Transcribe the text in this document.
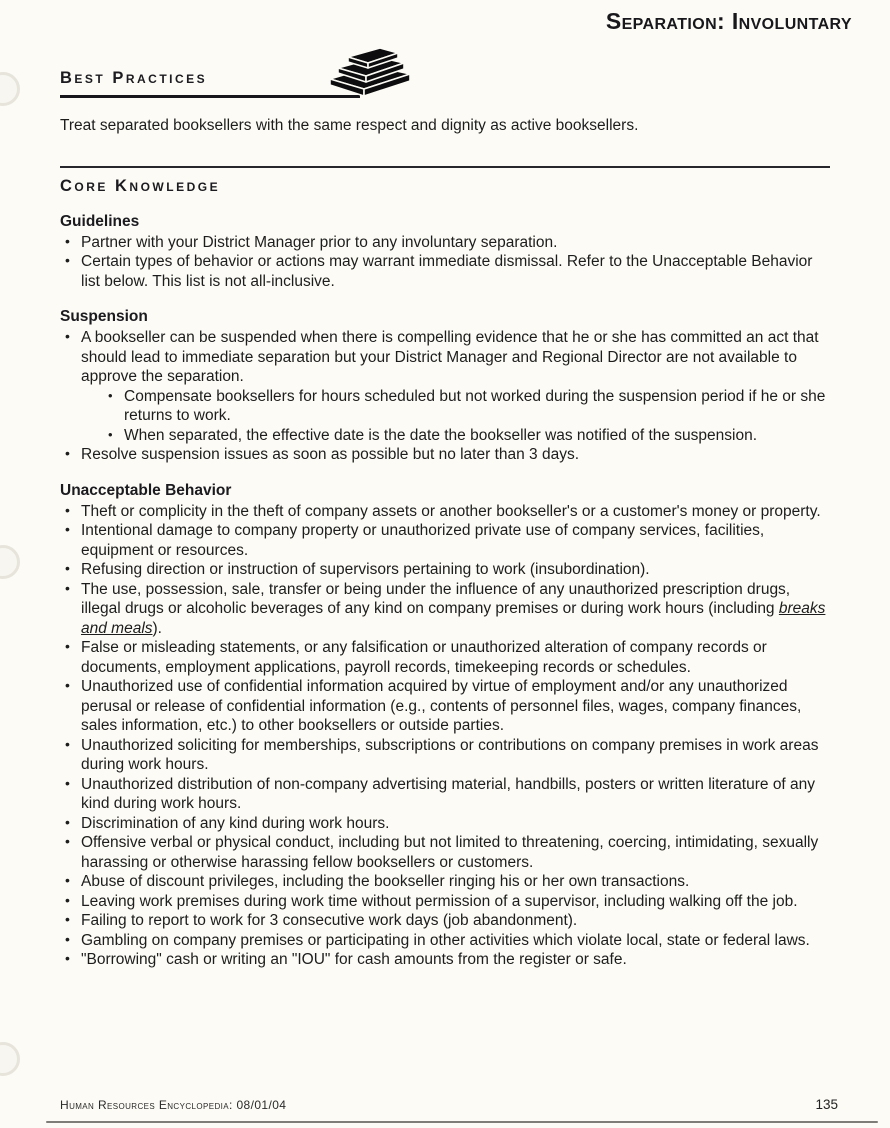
Separation: Involuntary
Best Practices

Treat separated booksellers with the same respect and dignity as active booksellers.

Core Knowledge
Guidelines
• Partner with your District Manager prior to any involuntary separation.
• Certain types of behavior or actions may warrant immediate dismissal. Refer to the Unacceptable Behavior list below. This list is not all-inclusive.
Suspension
• A bookseller can be suspended when there is compelling evidence that he or she has committed an act that should lead to immediate separation but your District Manager and Regional Director are not available to approve the separation.
• Compensate booksellers for hours scheduled but not worked during the suspension period if he or she returns to work.
• When separated, the effective date is the date the bookseller was notified of the suspension.
• Resolve suspension issues as soon as possible but no later than 3 days.
Unacceptable Behavior
• Theft or complicity in the theft of company assets or another bookseller's or a customer's money or property.
• Intentional damage to company property or unauthorized private use of company services, facilities, equipment or resources.
• Refusing direction or instruction of supervisors pertaining to work (insubordination).
• The use, possession, sale, transfer or being under the influence of any unauthorized prescription drugs, illegal drugs or alcoholic beverages of any kind on company premises or during work hours (including breaks and meals).
• False or misleading statements, or any falsification or unauthorized alteration of company records or documents, employment applications, payroll records, timekeeping records or schedules.
• Unauthorized use of confidential information acquired by virtue of employment and/or any unauthorized perusal or release of confidential information (e.g., contents of personnel files, wages, company finances, sales information, etc.) to other booksellers or outside parties.
• Unauthorized soliciting for memberships, subscriptions or contributions on company premises in work areas during work hours.
• Unauthorized distribution of non-company advertising material, handbills, posters or written literature of any kind during work hours.
• Discrimination of any kind during work hours.
• Offensive verbal or physical conduct, including but not limited to threatening, coercing, intimidating, sexually harassing or otherwise harassing fellow booksellers or customers.
• Abuse of discount privileges, including the bookseller ringing his or her own transactions.
• Leaving work premises during work time without permission of a supervisor, including walking off the job.
• Failing to report to work for 3 consecutive work days (job abandonment).
• Gambling on company premises or participating in other activities which violate local, state or federal laws.
• "Borrowing" cash or writing an "IOU" for cash amounts from the register or safe.
Human Resources Encyclopedia: 08/01/04	135
